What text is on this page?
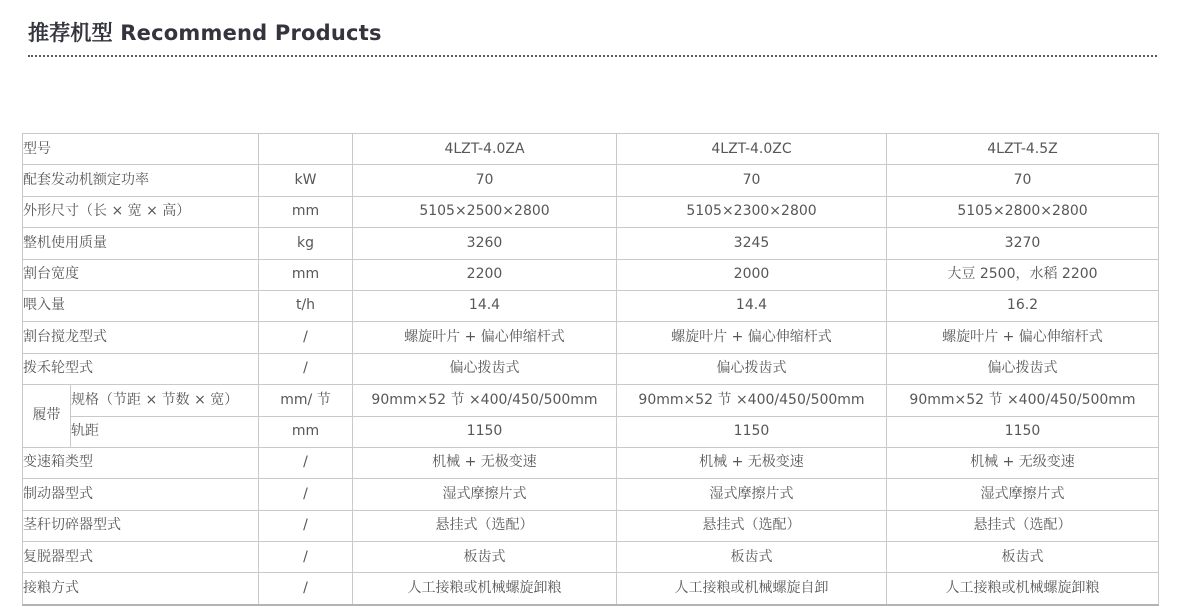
推荐机型 Recommend Products
型号			4LZT-4.0ZA	4LZT-4.0ZC	4LZT-4.5Z
配套发动机额定功率		kW	70	70	70
外形尺寸（长 × 宽 × 高）		mm	5105×2500×2800	5105×2300×2800	5105×2800×2800
整机使用质量		kg	3260	3245	3270
割台宽度		mm	2200	2000	大豆 2500，水稻 2200
喂入量		t/h	14.4	14.4	16.2
割台搅龙型式		/	螺旋叶片 + 偏心伸缩杆式	螺旋叶片 + 偏心伸缩杆式	螺旋叶片 + 偏心伸缩杆式
拨禾轮型式		/	偏心拨齿式	偏心拨齿式	偏心拨齿式
履带	规格（节距 × 节数 × 宽）	mm/ 节	90mm×52 节 ×400/450/500mm	90mm×52 节 ×400/450/500mm	90mm×52 节 ×400/450/500mm
	轨距	mm	1150	1150	1150
变速箱类型		/	机械 + 无极变速	机械 + 无极变速	机械 + 无级变速
制动器型式		/	湿式摩擦片式	湿式摩擦片式	湿式摩擦片式
茎秆切碎器型式		/	悬挂式（选配）	悬挂式（选配）	悬挂式（选配）
复脱器型式		/	板齿式	板齿式	板齿式
接粮方式		/	人工接粮或机械螺旋卸粮	人工接粮或机械螺旋自卸	人工接粮或机械螺旋卸粮
